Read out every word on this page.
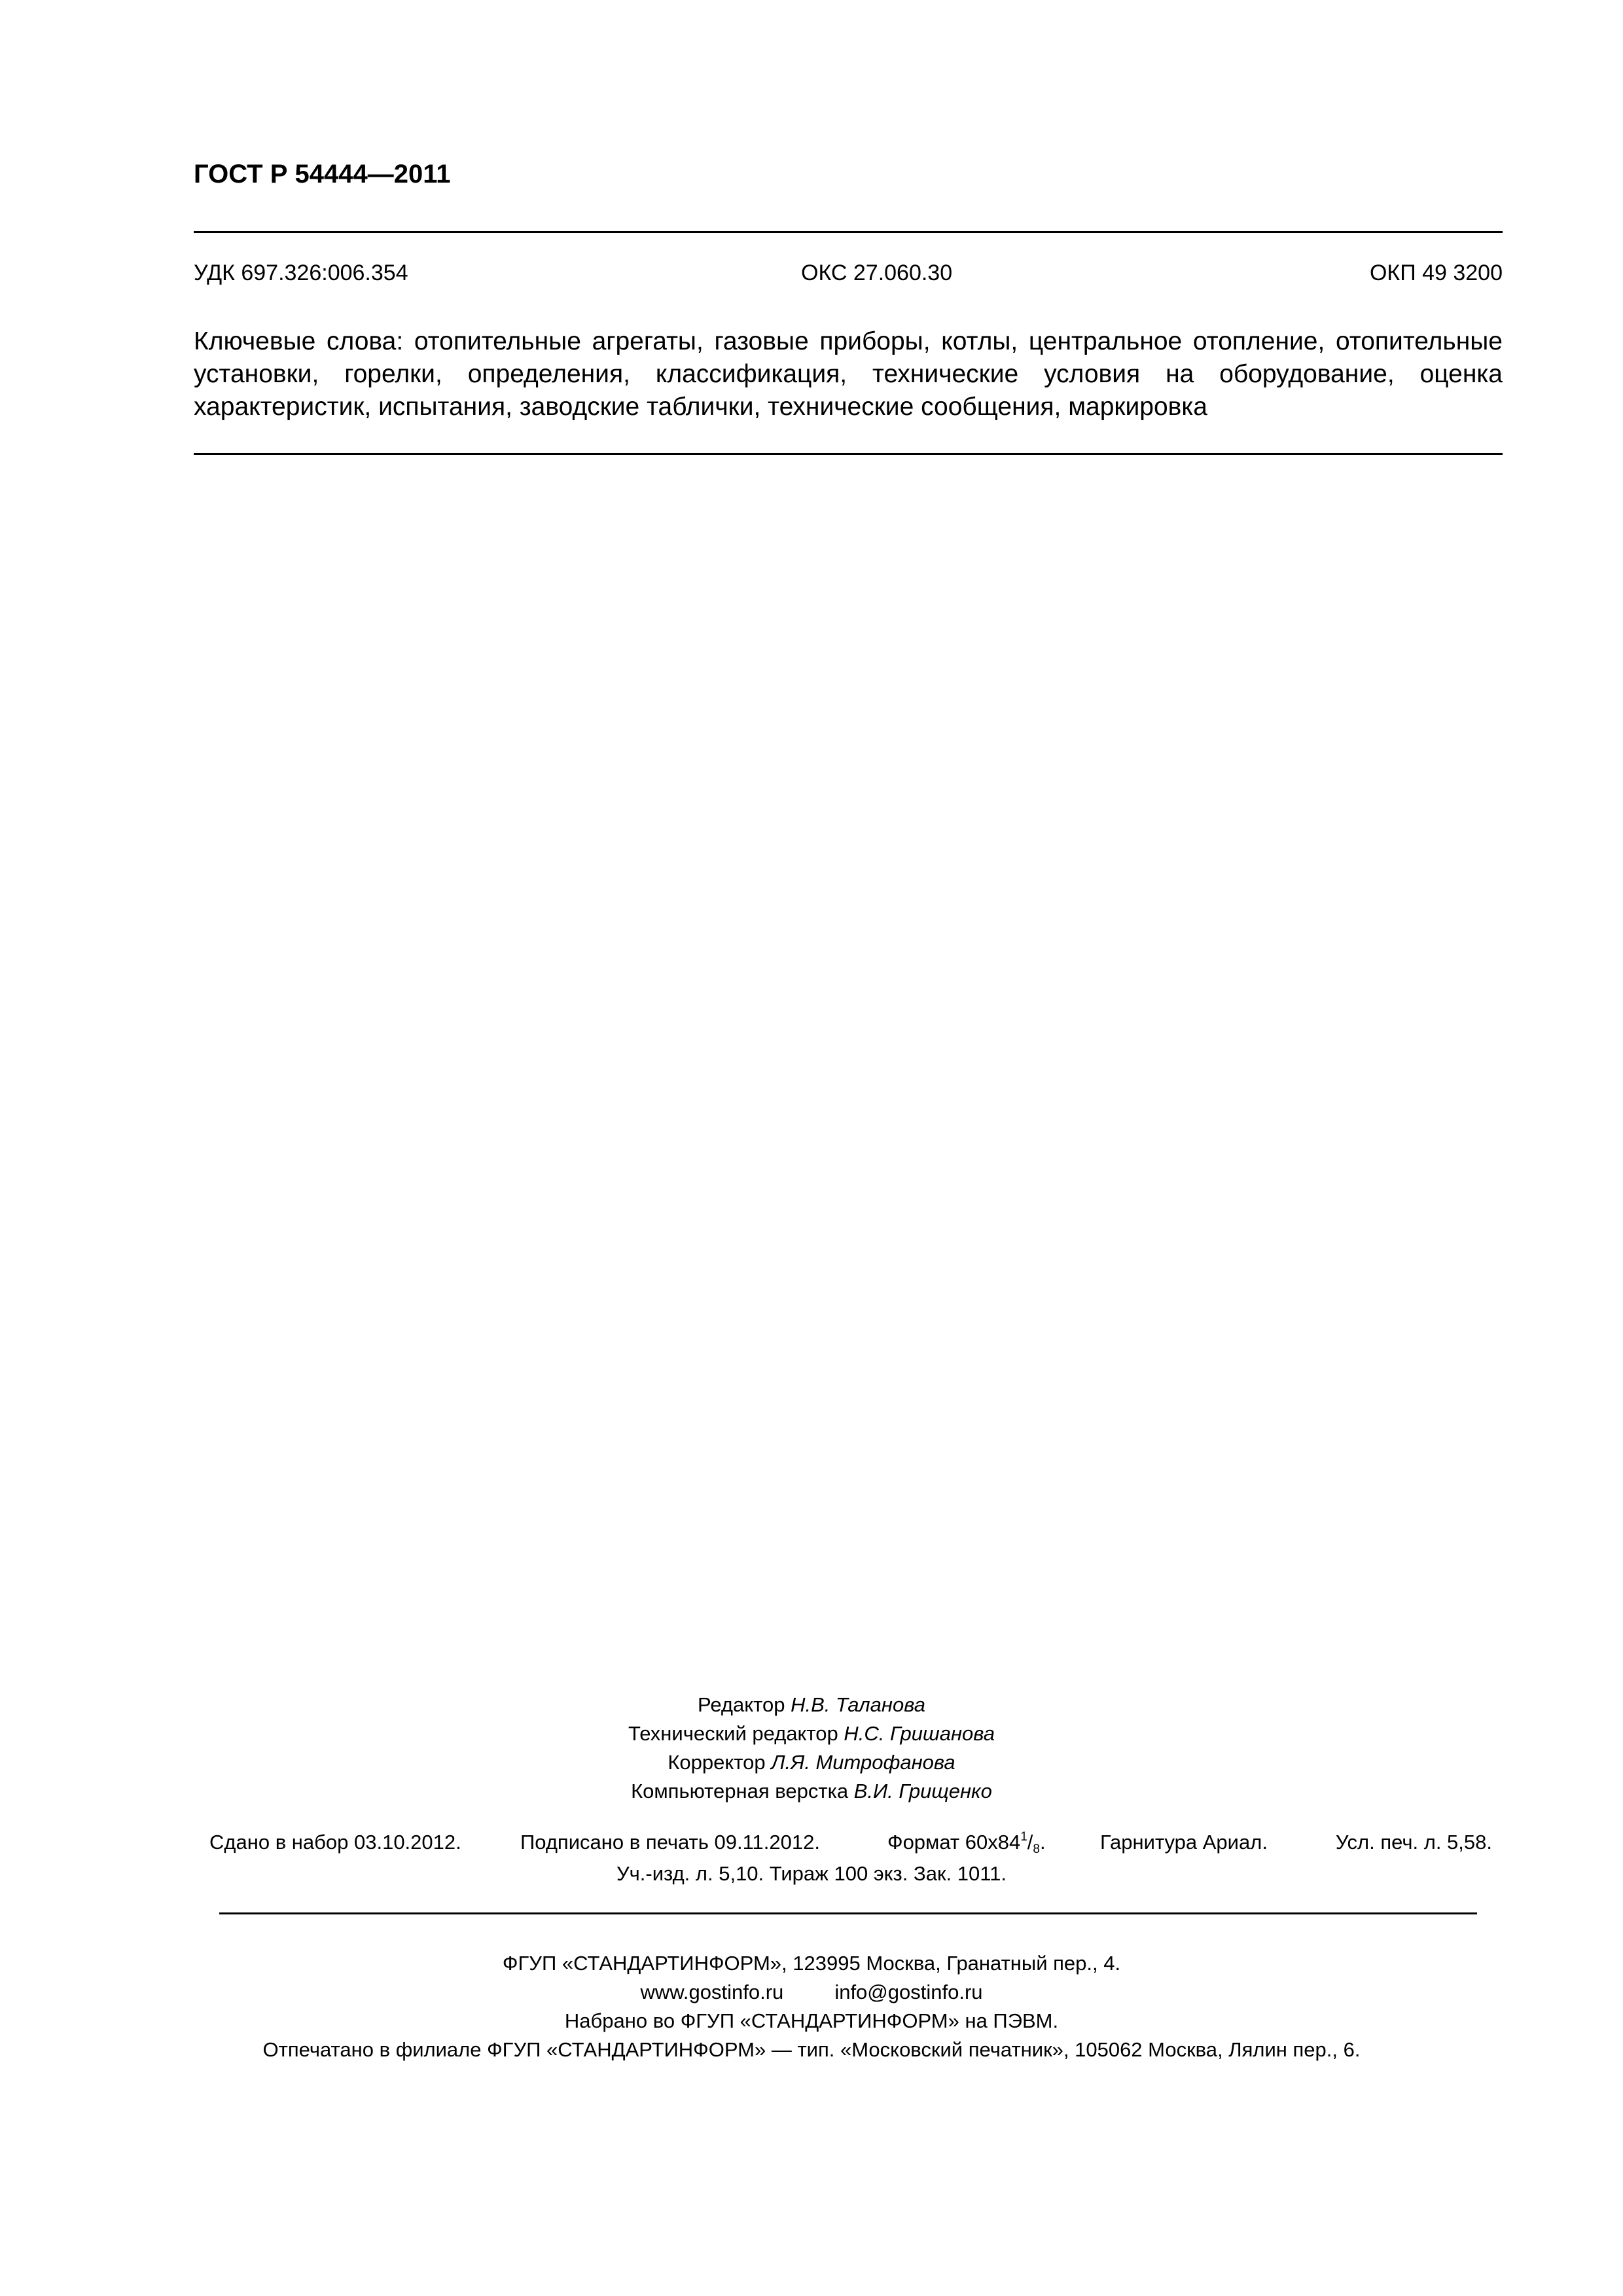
ГОСТ Р 54444—2011
УДК 697.326:006.354	ОКС 27.060.30	ОКП 49 3200
Ключевые слова: отопительные агрегаты, газовые приборы, котлы, центральное отопление, отопительные установки, горелки, определения, классификация, технические условия на оборудование, оценка характеристик, испытания, заводские таблички, технические сообщения, маркировка
Редактор Н.В. Таланова
Технический редактор Н.С. Гришанова
Корректор Л.Я. Митрофанова
Компьютерная верстка В.И. Грищенко
Сдано в набор 03.10.2012.	Подписано в печать 09.11.2012.	Формат $60х84^1/_8$.	Гарнитура Ариал.	Усл. печ. л. 5,58.
Уч.-изд. л. 5,10. Тираж 100 экз. Зак. 1011.
ФГУП «СТАНДАРТИНФОРМ», 123995 Москва, Гранатный пер., 4.
www.gostinfo.ru	info@gostinfo.ru
Набрано во ФГУП «СТАНДАРТИНФОРМ» на ПЭВМ.
Отпечатано в филиале ФГУП «СТАНДАРТИНФОРМ» — тип. «Московский печатник», 105062 Москва, Лялин пер., 6.
